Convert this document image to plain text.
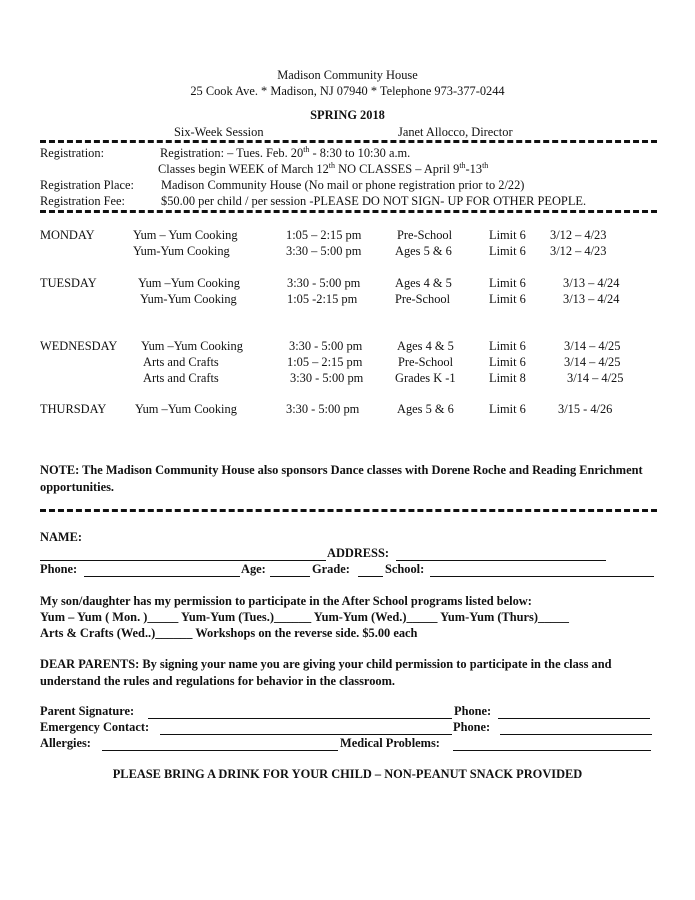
Madison Community House
25 Cook Ave. * Madison, NJ 07940 * Telephone 973-377-0244
SPRING 2018
Six-Week Session	Janet Allocco, Director
Registration:	Registration: – Tues. Feb. 20th - 8:30 to 10:30 a.m.
Classes begin WEEK of March 12th NO CLASSES – April 9th-13th
Registration Place: Madison Community House (No mail or phone registration prior to 2/22)
Registration Fee:	$50.00 per child / per session -PLEASE DO NOT SIGN- UP FOR OTHER PEOPLE.
MONDAY	Yum – Yum Cooking	1:05 – 2:15 pm	Pre-School	Limit 6 3/12 – 4/23
Yum-Yum Cooking	3:30 – 5:00 pm	Ages 5 & 6	Limit 6 3/12 – 4/23
TUESDAY	Yum –Yum Cooking	3:30 - 5:00 pm	Ages 4 & 5	Limit 6	3/13 – 4/24
Yum-Yum Cooking	1:05 -2:15 pm	Pre-School	Limit 6	3/13 – 4/24
WEDNESDAY Yum –Yum Cooking	3:30 - 5:00 pm	Ages 4 & 5	Limit 6	3/14 – 4/25
Arts and Crafts	1:05 – 2:15 pm	Pre-School	Limit 6	3/14 – 4/25
Arts and Crafts	3:30 - 5:00 pm	Grades K -1	Limit 8	3/14 – 4/25
THURSDAY Yum –Yum Cooking	3:30 - 5:00 pm	Ages 5 & 6	Limit 6	3/15 - 4/26
NOTE: The Madison Community House also sponsors Dance classes with Dorene Roche and Reading Enrichment opportunities.
NAME:
ADDRESS:
Phone:	Age:	Grade:	School:
My son/daughter has my permission to participate in the After School programs listed below:
Yum – Yum ( Mon. )_____ Yum-Yum (Tues.)______ Yum-Yum (Wed.)_____ Yum-Yum (Thurs)_____
Arts & Crafts (Wed..)______ Workshops on the reverse side. $5.00 each
DEAR PARENTS: By signing your name you are giving your child permission to participate in the class and understand the rules and regulations for behavior in the classroom.
Parent Signature:	Phone:
Emergency Contact:	Phone:
Allergies:	Medical Problems:
PLEASE BRING A DRINK FOR YOUR CHILD – NON-PEANUT SNACK PROVIDED
